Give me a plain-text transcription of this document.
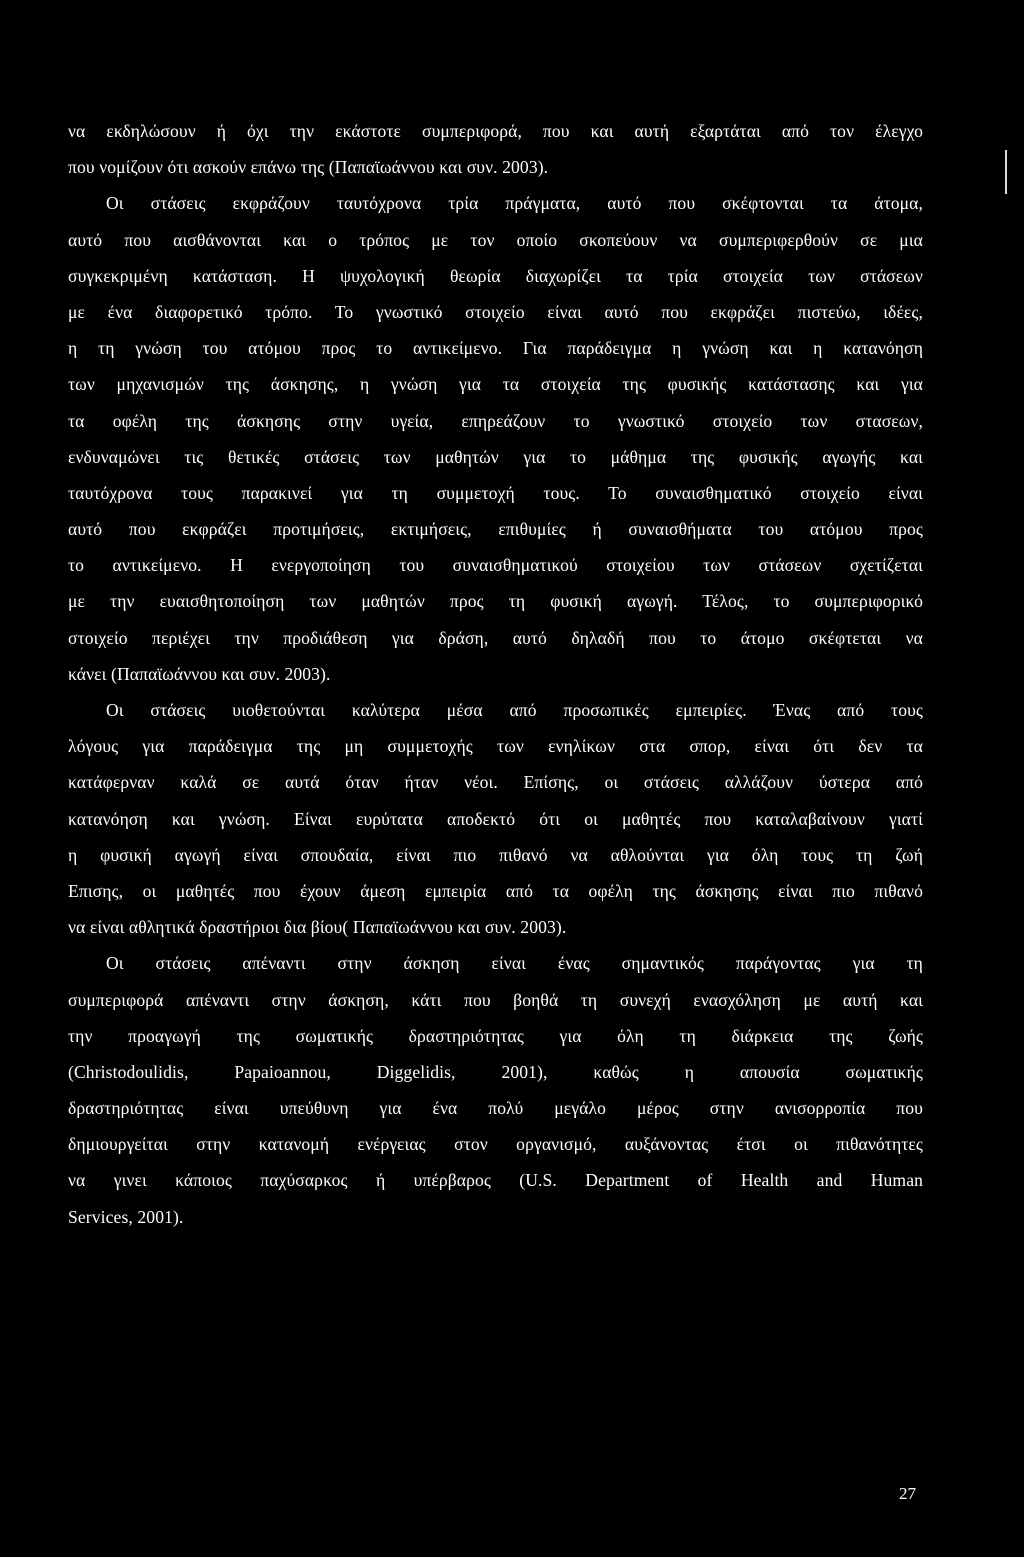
να εκδηλώσουν ή όχι την εκάστοτε συμπεριφορά, που και αυτή εξαρτάται από τον έλεγχο
που νομίζουν ότι ασκούν επάνω της (Παπαϊωάννου και συν. 2003).
Οι στάσεις εκφράζουν ταυτόχρονα τρία πράγματα, αυτό που σκέφτονται τα άτομα,
αυτό που αισθάνονται και ο τρόπος με τον οποίο σκοπεύουν να συμπεριφερθούν σε μια
συγκεκριμένη κατάσταση. Η ψυχολογική θεωρία διαχωρίζει τα τρία στοιχεία των στάσεων
με ένα διαφορετικό τρόπο. Το γνωστικό στοιχείο είναι αυτό που εκφράζει πιστεύω, ιδέες,
η τη γνώση του ατόμου προς το αντικείμενο. Για παράδειγμα η γνώση και η κατανόηση
των μηχανισμών της άσκησης, η γνώση για τα στοιχεία της φυσικής κατάστασης και για
τα οφέλη της άσκησης στην υγεία, επηρεάζουν το γνωστικό στοιχείο των στασεων,
ενδυναμώνει τις θετικές στάσεις των μαθητών για το μάθημα της φυσικής αγωγής και
ταυτόχρονα τους παρακινεί για τη συμμετοχή τους. Το συναισθηματικό στοιχείο είναι
αυτό που εκφράζει προτιμήσεις, εκτιμήσεις, επιθυμίες ή συναισθήματα του ατόμου προς
το αντικείμενο. Η ενεργοποίηση του συναισθηματικού στοιχείου των στάσεων σχετίζεται
με την ευαισθητοποίηση των μαθητών προς τη φυσική αγωγή. Τέλος, το συμπεριφορικό
στοιχείο περιέχει την προδιάθεση για δράση, αυτό δηλαδή που το άτομο σκέφτεται να
κάνει (Παπαϊωάννου και συν. 2003).
Οι στάσεις υιοθετούνται καλύτερα μέσα από προσωπικές εμπειρίες. Ένας από τους
λόγους για παράδειγμα της μη συμμετοχής των ενηλίκων στα σπορ, είναι ότι δεν τα
κατάφερναν καλά σε αυτά όταν ήταν νέοι. Επίσης, οι στάσεις αλλάζουν ύστερα από
κατανόηση και γνώση. Είναι ευρύτατα αποδεκτό ότι οι μαθητές που καταλαβαίνουν γιατί
η φυσική αγωγή είναι σπουδαία, είναι πιο πιθανό να αθλούνται για όλη τους τη ζωή
Επισης, οι μαθητές που έχουν άμεση εμπειρία από τα οφέλη της άσκησης είναι πιο πιθανό
να είναι αθλητικά δραστήριοι δια βίου( Παπαϊωάννου και συν. 2003).
Οι στάσεις απέναντι στην άσκηση είναι ένας σημαντικός παράγοντας για τη
συμπεριφορά απέναντι στην άσκηση, κάτι που βοηθά τη συνεχή ενασχόληση με αυτή και
την προαγωγή της σωματικής δραστηριότητας για όλη τη διάρκεια της ζωής
(Christodoulidis, Papaioannou, Diggelidis, 2001), καθώς η απουσία σωματικής
δραστηριότητας είναι υπεύθυνη για ένα πολύ μεγάλο μέρος στην ανισορροπία που
δημιουργείται στην κατανομή ενέργειας στον οργανισμό, αυξάνοντας έτσι οι πιθανότητες
να γινει κάποιος παχύσαρκος ή υπέρβαρος (U.S. Department of Health and Human
Services, 2001).
27
